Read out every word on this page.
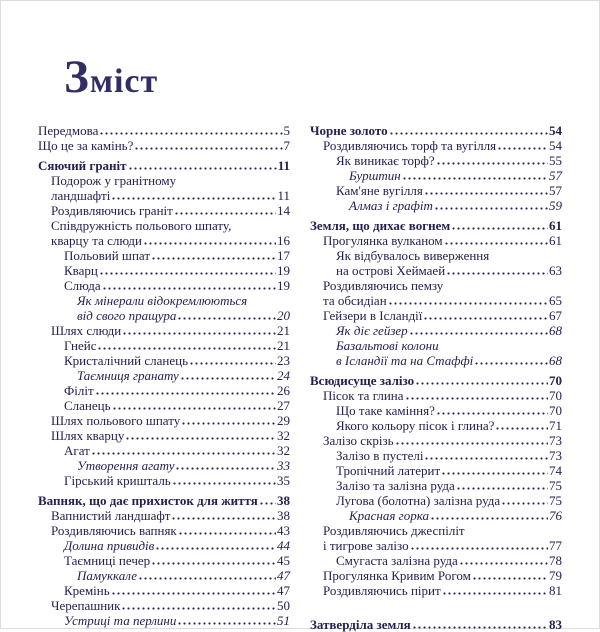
Зміст
Передмова	5
Що це за камінь?	7
Сяючий граніт	11
Подорож у гранітному
ландшафті	11
Роздивляючись граніт	14
Співдружність польового шпату,
кварцу та слюди	16
Польовий шпат	17
Кварц	19
Слюда	19
Як мінерали відокремлюються
від свого пращура	20
Шлях слюди	21
Гнейс	21
Кристалічний сланець	23
Таємниця гранату	24
Філіт	26
Сланець	27
Шлях польового шпату	29
Шлях кварцу	32
Агат	32
Утворення агату	33
Гірський кришталь	35
Вапняк, що дає прихисток для життя 38
Вапнистий ландшафт	38
Роздивляючись вапняк	43
Долина привидів	44
Таємниці печер	45
Памуккале	47
Кремінь	47
Черепашник	50
Устриці та перлини	51
Чорне золото	54
Роздивляючись торф та вугілля	54
Як виникає торф?	55
Бурштин	57
Кам'яне вугілля	57
Алмаз і графіт	59
Земля, що дихає вогнем	61
Прогулянка вулканом	61
Як відбувалось виверження
на острові Хеймаей	63
Роздивляючись пемзу
та обсидіан	65
Гейзери в Ісландії	67
Як діє гейзер	68
Базальтові колони
в Ісландії та на Стаффі	68
Всюдисуще залізо	70
Пісок та глина	70
Що таке каміння?	70
Якого кольору пісок і глина?	71
Залізо скрізь	73
Залізо в пустелі	73
Тропічний латерит	74
Залізо та залізна руда	75
Лугова (болотна) залізна руда	75
Красная горка	76
Роздивляючись джеспіліт
і тигрове залізо	77
Смугаста залізна руда	78
Прогулянка Кривим Рогом	79
Роздивляючись пірит	81
Затверділа земля	83
